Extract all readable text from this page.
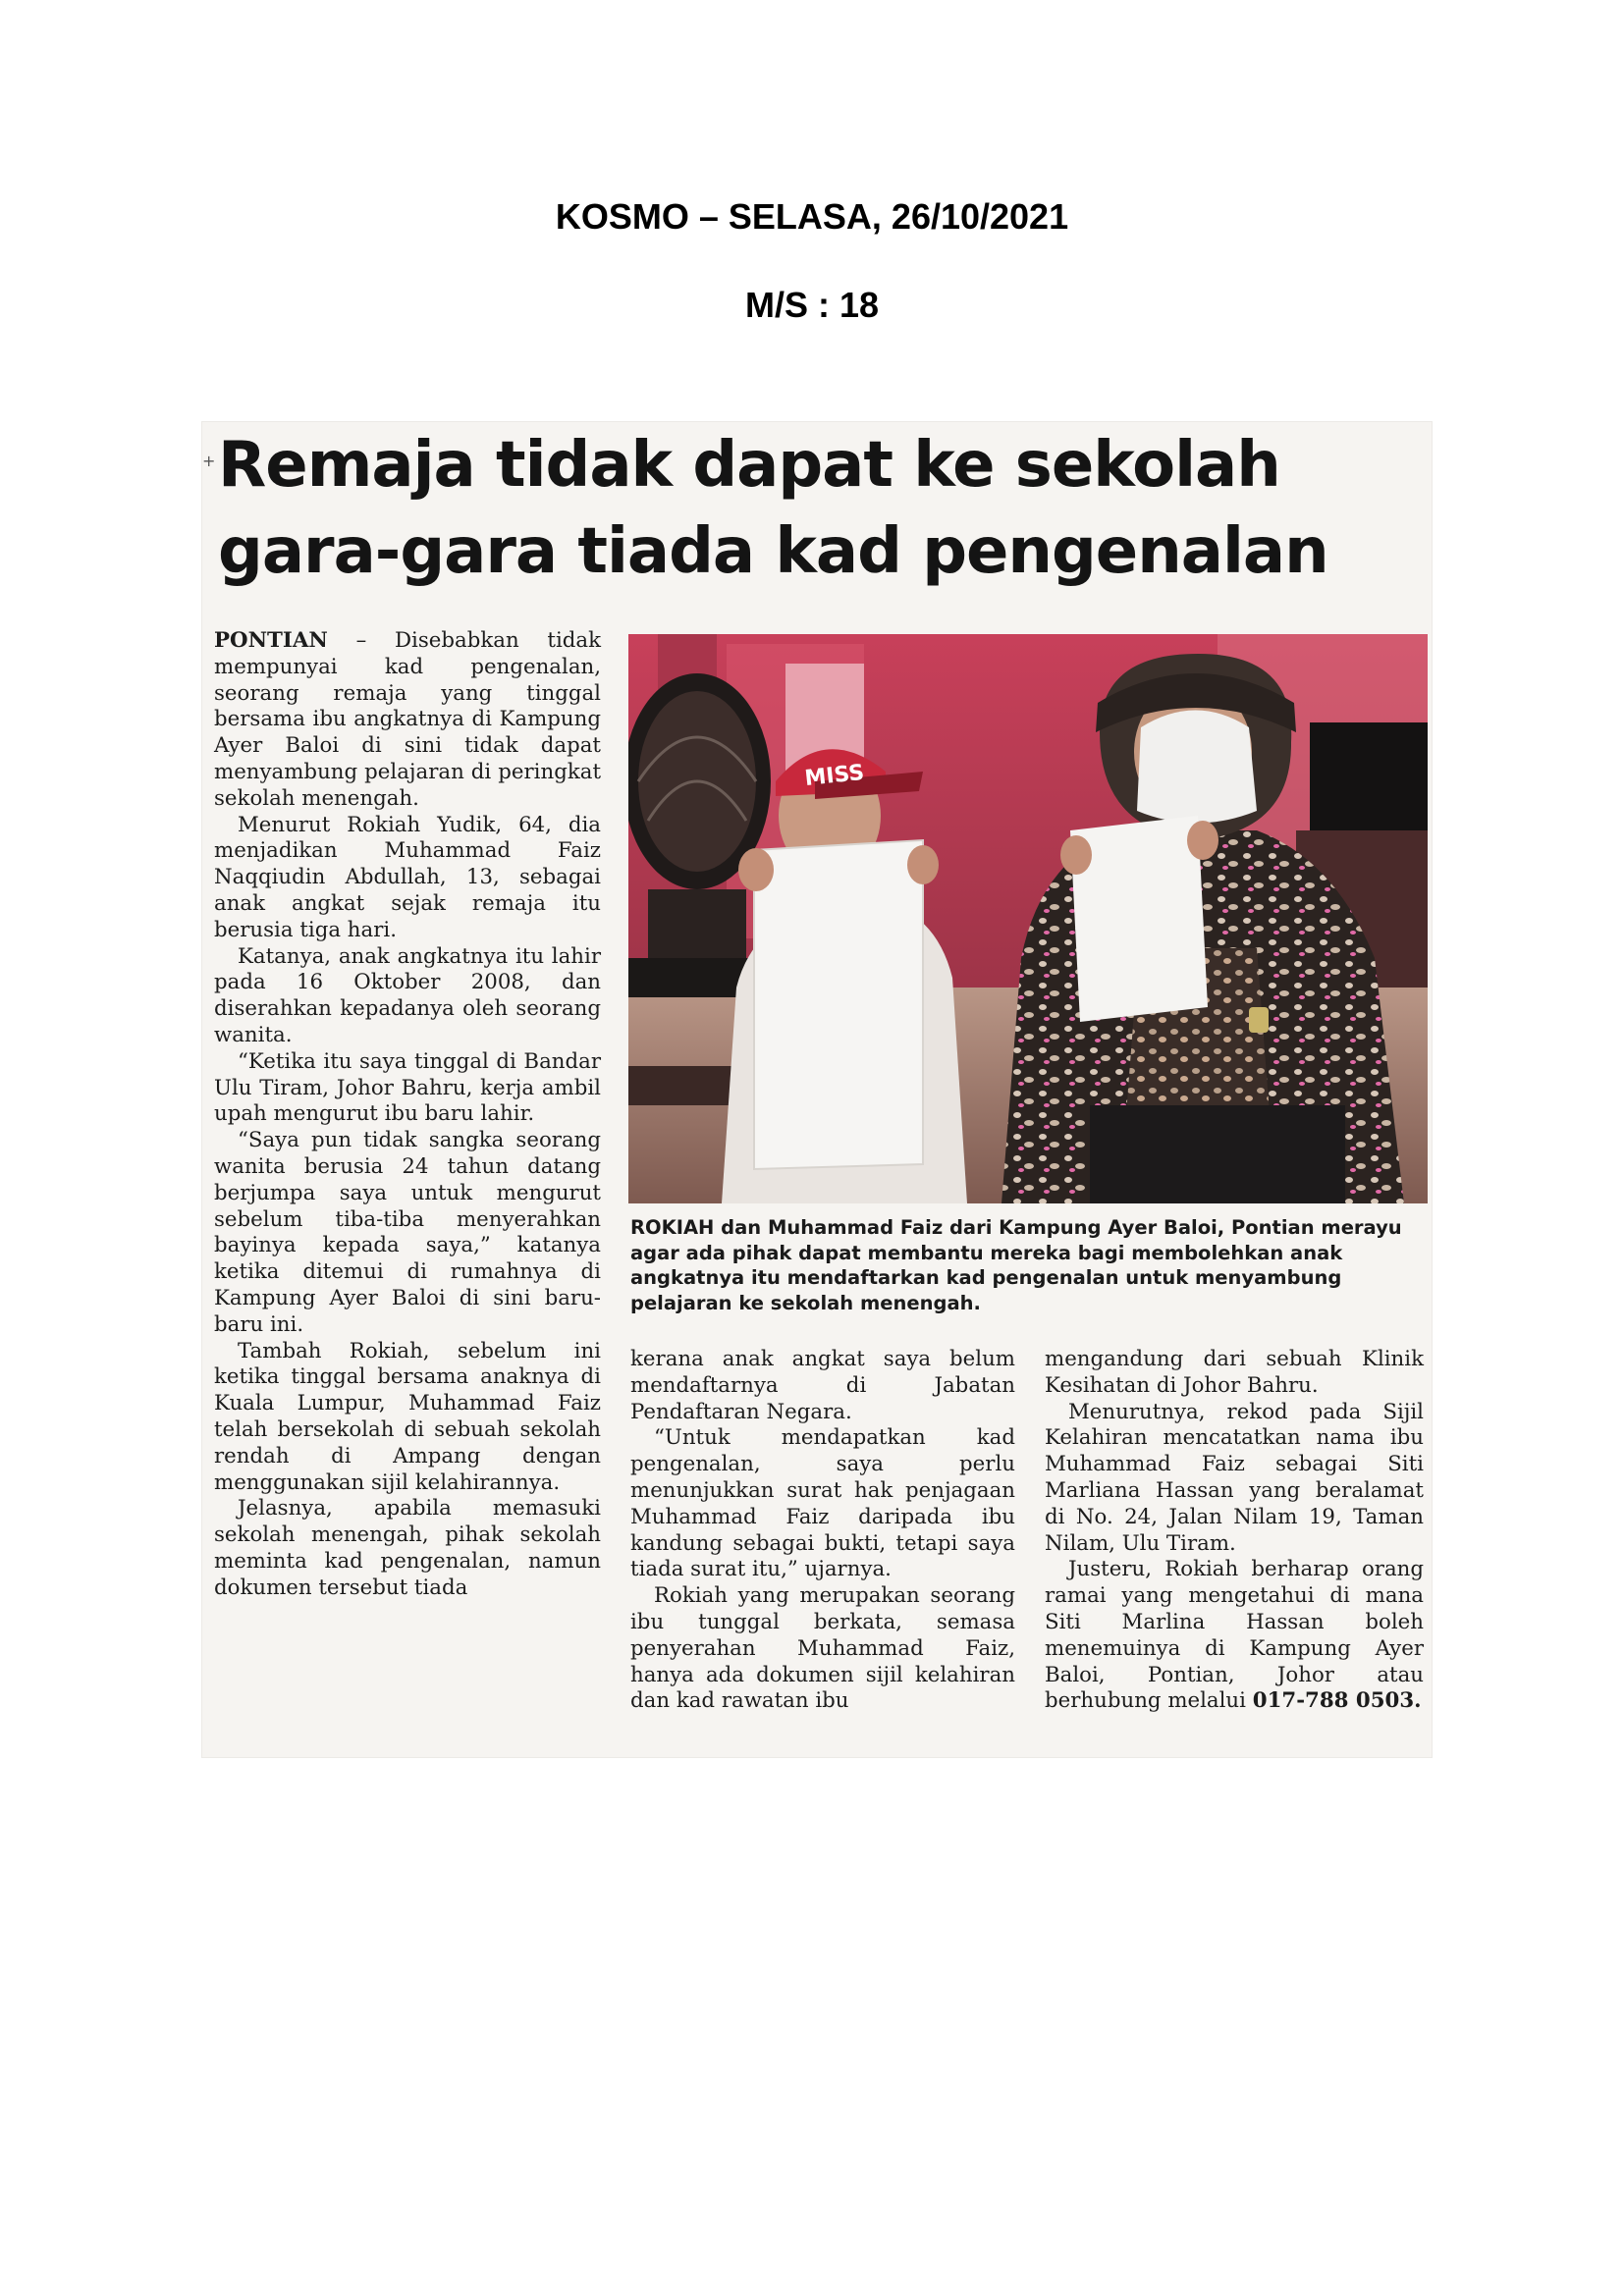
KOSMO – SELASA, 26/10/2021
M/S : 18
+ Remaja tidak dapat ke sekolah
gara-gara tiada kad pengenalan

PONTIAN – Disebabkan tidak mempunyai kad pengenalan, seorang remaja yang tinggal bersama ibu angkatnya di Kampung Ayer Baloi di sini tidak dapat menyambung pelajaran di peringkat sekolah menengah.

Menurut Rokiah Yudik, 64, dia menjadikan Muhammad Faiz Naqqiudin Abdullah, 13, sebagai anak angkat sejak remaja itu berusia tiga hari.

Katanya, anak angkatnya itu lahir pada 16 Oktober 2008, dan diserahkan kepadanya oleh seorang wanita.

“Ketika itu saya tinggal di Bandar Ulu Tiram, Johor Bahru, kerja ambil upah mengurut ibu baru lahir.

“Saya pun tidak sangka seorang wanita berusia 24 tahun datang berjumpa saya untuk mengurut sebelum tiba-tiba menyerahkan bayinya kepada saya,” katanya ketika ditemui di rumahnya di Kampung Ayer Baloi di sini baru-baru ini.

Tambah Rokiah, sebelum ini ketika tinggal bersama anaknya di Kuala Lumpur, Muhammad Faiz telah bersekolah di sebuah sekolah rendah di Ampang dengan menggunakan sijil kelahirannya.

Jelasnya, apabila memasuki sekolah menengah, pihak sekolah meminta kad pengenalan, namun dokumen tersebut tiada

MISS
ROKIAH dan Muhammad Faiz dari Kampung Ayer Baloi, Pontian merayu agar ada pihak dapat membantu mereka bagi membolehkan anak angkatnya itu mendaftarkan kad pengenalan untuk menyambung pelajaran ke sekolah menengah.

kerana anak angkat saya belum mendaftarnya di Jabatan Pendaftaran Negara.

“Untuk mendapatkan kad pengenalan, saya perlu menunjukkan surat hak penjagaan Muhammad Faiz daripada ibu kandung sebagai bukti, tetapi saya tiada surat itu,” ujarnya.

Rokiah yang merupakan seorang ibu tunggal berkata, semasa penyerahan Muhammad Faiz, hanya ada dokumen sijil kelahiran dan kad rawatan ibu

mengandung dari sebuah Klinik Kesihatan di Johor Bahru.

Menurutnya, rekod pada Sijil Kelahiran mencatatkan nama ibu Muhammad Faiz sebagai Siti Marliana Hassan yang beralamat di No. 24, Jalan Nilam 19, Taman Nilam, Ulu Tiram.

Justeru, Rokiah berharap orang ramai yang mengetahui di mana Siti Marlina Hassan boleh menemuinya di Kampung Ayer Baloi, Pontian, Johor atau berhubung melalui 017-788 0503.
